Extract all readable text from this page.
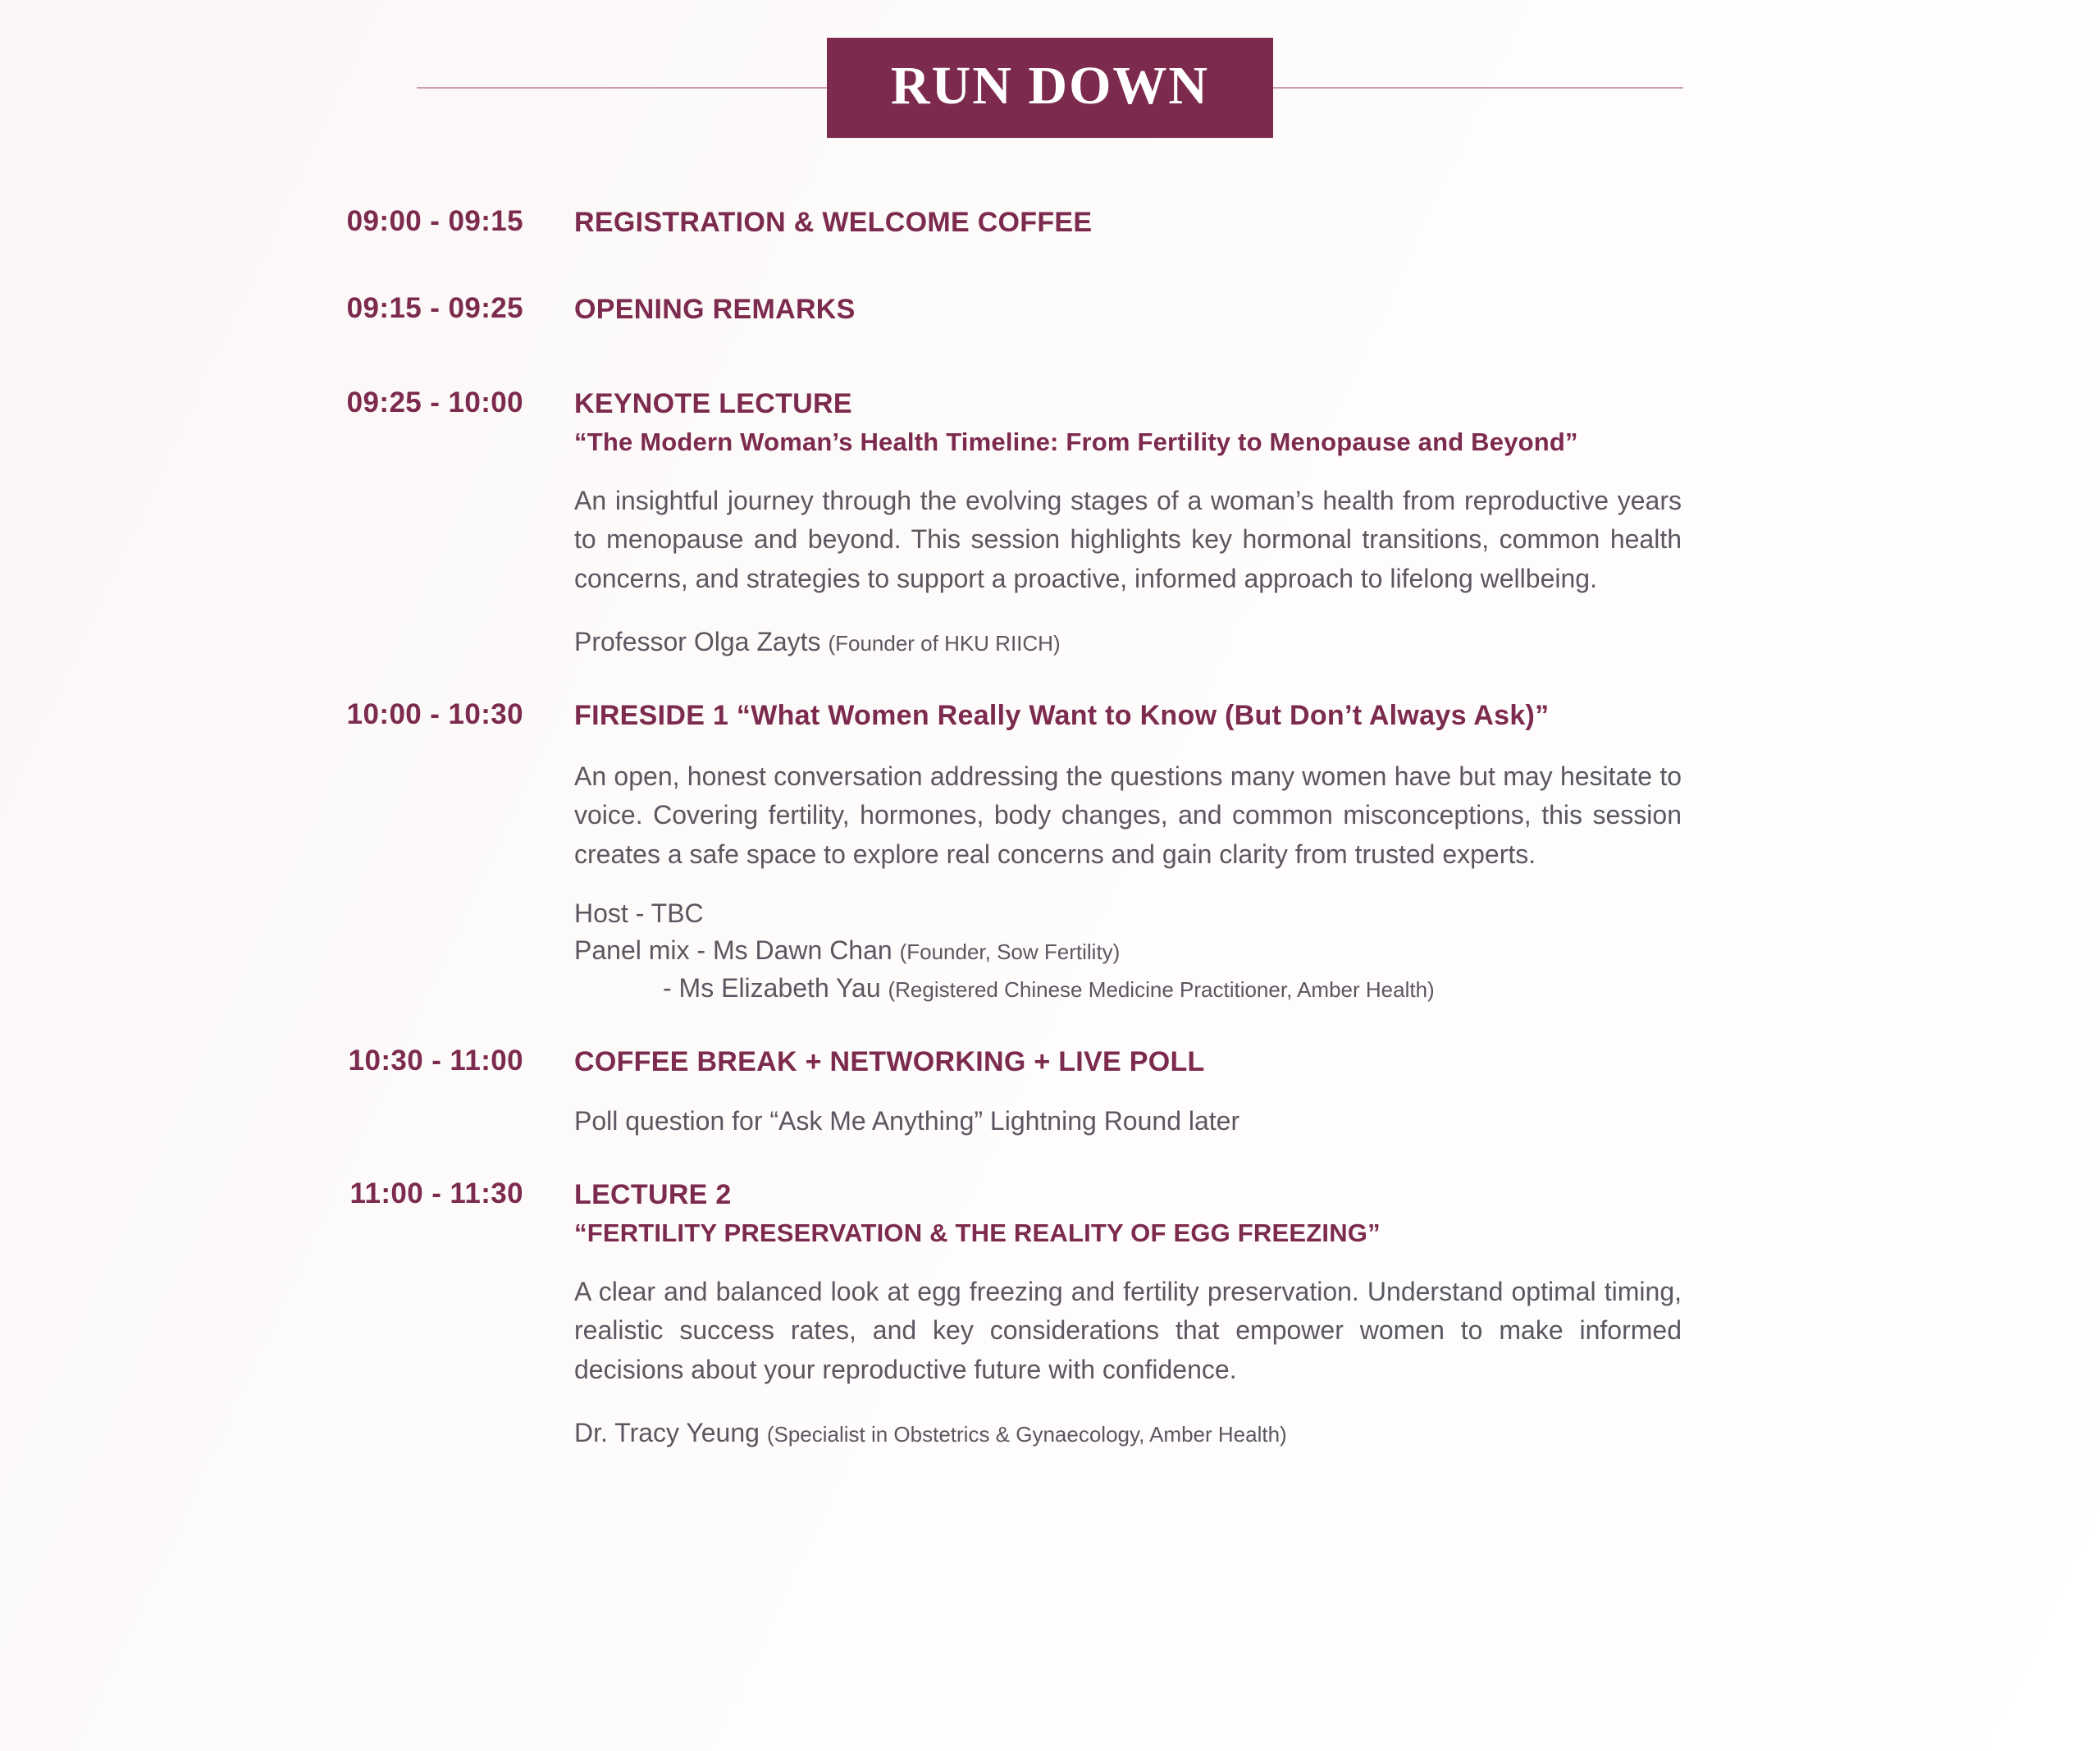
RUN DOWN
09:00 - 09:15	REGISTRATION & WELCOME COFFEE
09:15 - 09:25	OPENING REMARKS
09:25 - 10:00	KEYNOTE LECTURE
“The Modern Woman’s Health Timeline: From Fertility to Menopause and Beyond”
An insightful journey through the evolving stages of a woman’s health from reproductive years to menopause and beyond. This session highlights key hormonal transitions, common health concerns, and strategies to support a proactive, informed approach to lifelong wellbeing.
Professor Olga Zayts (Founder of HKU RIICH)
10:00 - 10:30	FIRESIDE 1 “What Women Really Want to Know (But Don’t Always Ask)”
An open, honest conversation addressing the questions many women have but may hesitate to voice. Covering fertility, hormones, body changes, and common misconceptions, this session creates a safe space to explore real concerns and gain clarity from trusted experts.
Host - TBC
Panel mix - Ms Dawn Chan (Founder, Sow Fertility)
- Ms Elizabeth Yau (Registered Chinese Medicine Practitioner, Amber Health)
10:30 - 11:00	COFFEE BREAK + NETWORKING + LIVE POLL
Poll question for “Ask Me Anything” Lightning Round later
11:00 - 11:30	LECTURE 2
“FERTILITY PRESERVATION & THE REALITY OF EGG FREEZING”
A clear and balanced look at egg freezing and fertility preservation. Understand optimal timing, realistic success rates, and key considerations that empower women to make informed decisions about your reproductive future with confidence.
Dr. Tracy Yeung (Specialist in Obstetrics & Gynaecology, Amber Health)
